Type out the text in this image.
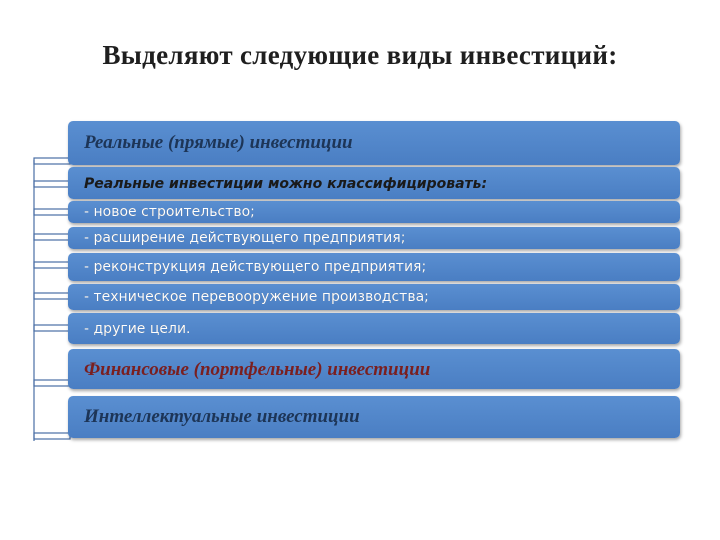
Выделяют следующие виды инвестиций:
Реальные (прямые) инвестиции
Реальные инвестиции можно классифицировать:
- новое строительство;
- расширение действующего предприятия;
- реконструкция действующего предприятия;
- техническое перевооружение производства;
- другие цели.
Финансовые (портфельные) инвестиции
Интеллектуальные инвестиции
